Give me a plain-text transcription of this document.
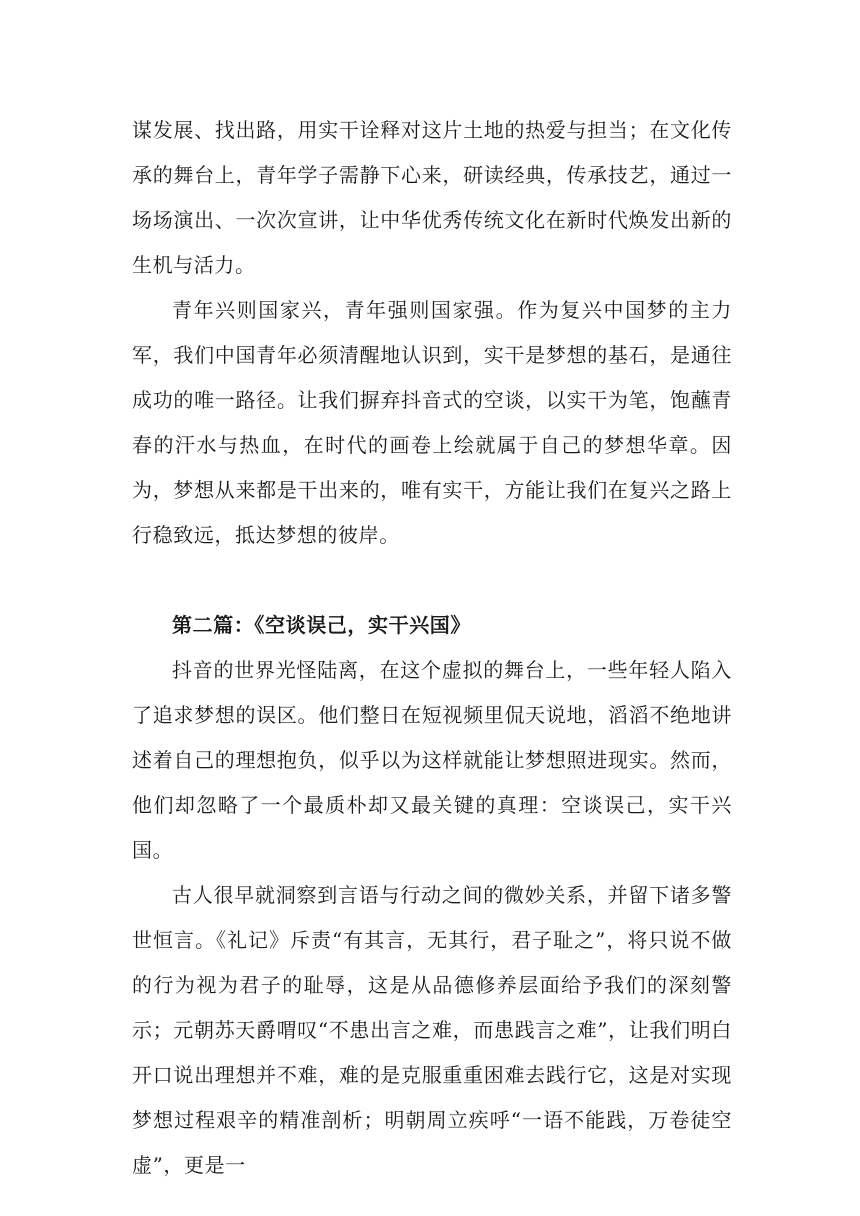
谋发展、找出路，用实干诠释对这片土地的热爱与担当；在文化传承的舞台上，青年学子需静下心来，研读经典，传承技艺，通过一场场演出、一次次宣讲，让中华优秀传统文化在新时代焕发出新的生机与活力。

青年兴则国家兴，青年强则国家强。作为复兴中国梦的主力军，我们中国青年必须清醒地认识到，实干是梦想的基石，是通往成功的唯一路径。让我们摒弃抖音式的空谈，以实干为笔，饱蘸青春的汗水与热血，在时代的画卷上绘就属于自己的梦想华章。因为，梦想从来都是干出来的，唯有实干，方能让我们在复兴之路上行稳致远，抵达梦想的彼岸。

第二篇：《空谈误己，实干兴国》

抖音的世界光怪陆离，在这个虚拟的舞台上，一些年轻人陷入了追求梦想的误区。他们整日在短视频里侃天说地，滔滔不绝地讲述着自己的理想抱负，似乎以为这样就能让梦想照进现实。然而，他们却忽略了一个最质朴却又最关键的真理：空谈误己，实干兴国。

古人很早就洞察到言语与行动之间的微妙关系，并留下诸多警世恒言。《礼记》斥责“有其言，无其行，君子耻之”，将只说不做的行为视为君子的耻辱，这是从品德修养层面给予我们的深刻警示；元朝苏天爵喟叹“不患出言之难，而患践言之难”，让我们明白开口说出理想并不难，难的是克服重重困难去践行它，这是对实现梦想过程艰辛的精准剖析；明朝周立疾呼“一语不能践，万卷徒空虚”，更是一
